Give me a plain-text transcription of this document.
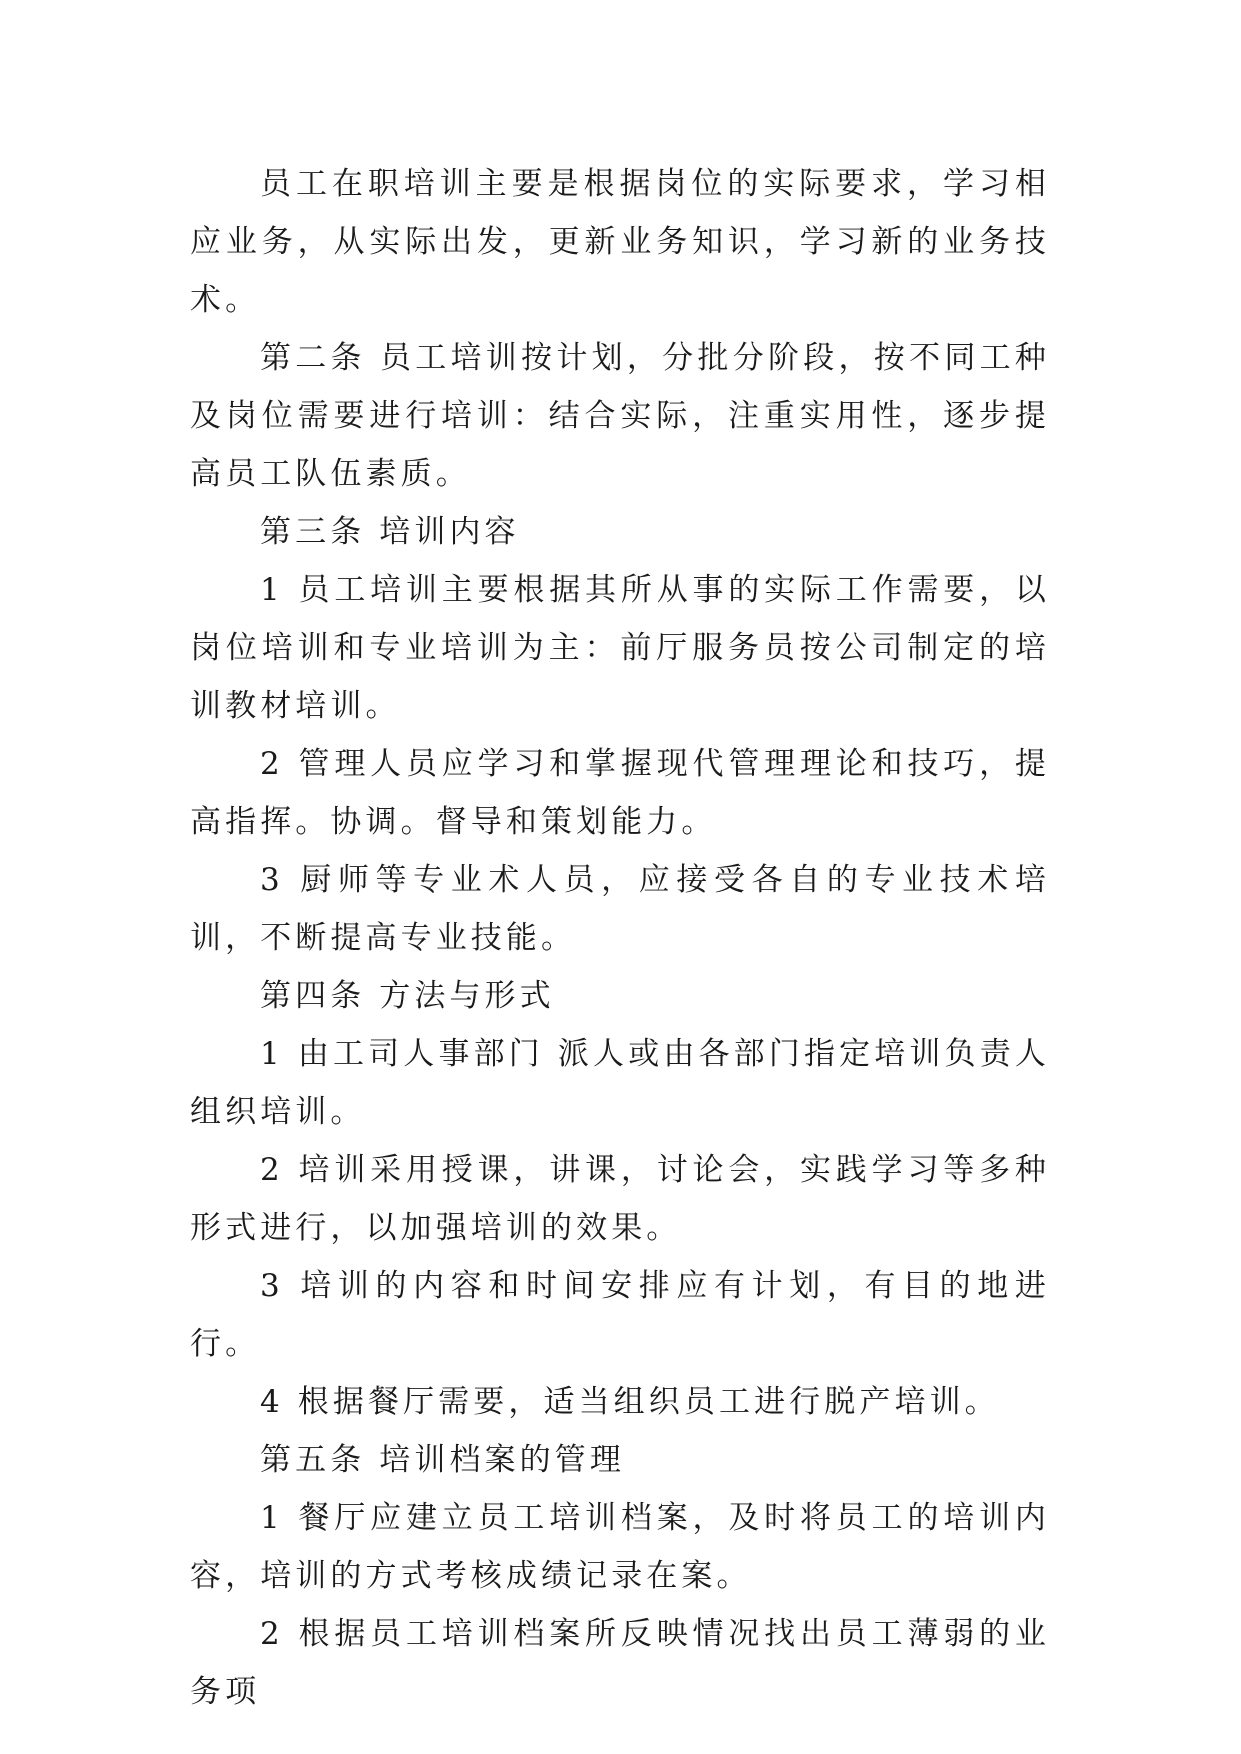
员工在职培训主要是根据岗位的实际要求，学习相应业务，从实际出发，更新业务知识，学习新的业务技术。

第二条 员工培训按计划，分批分阶段，按不同工种及岗位需要进行培训：结合实际，注重实用性，逐步提高员工队伍素质。

第三条 培训内容

1 员工培训主要根据其所从事的实际工作需要，以岗位培训和专业培训为主：前厅服务员按公司制定的培训教材培训。

2 管理人员应学习和掌握现代管理理论和技巧，提高指挥。协调。督导和策划能力。

3 厨师等专业术人员，应接受各自的专业技术培训，不断提高专业技能。

第四条 方法与形式

1 由工司人事部门 派人或由各部门指定培训负责人组织培训。

2 培训采用授课，讲课，讨论会，实践学习等多种形式进行，以加强培训的效果。

3 培训的内容和时间安排应有计划，有目的地进行。

4 根据餐厅需要，适当组织员工进行脱产培训。

第五条 培训档案的管理

1 餐厅应建立员工培训档案，及时将员工的培训内容，培训的方式考核成绩记录在案。

2 根据员工培训档案所反映情况找出员工薄弱的业务项
